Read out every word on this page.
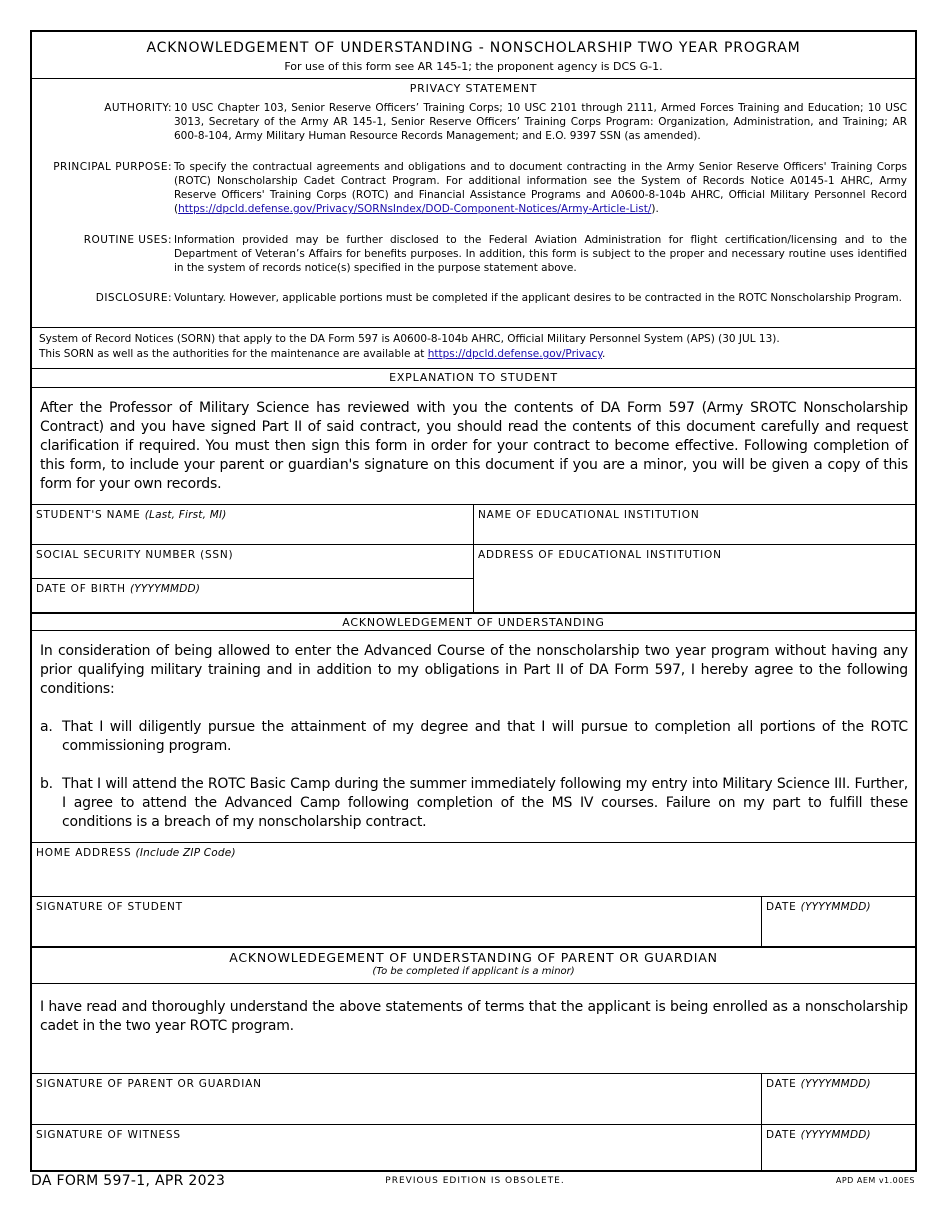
ACKNOWLEDGEMENT OF UNDERSTANDING - NONSCHOLARSHIP TWO YEAR PROGRAM
For use of this form see AR 145-1; the proponent agency is DCS G-1.
PRIVACY STATEMENT
AUTHORITY: 10 USC Chapter 103, Senior Reserve Officers’ Training Corps; 10 USC 2101 through 2111, Armed Forces Training and Education; 10 USC 3013, Secretary of the Army AR 145-1, Senior Reserve Officers’ Training Corps Program: Organization, Administration, and Training; AR 600-8-104, Army Military Human Resource Records Management; and E.O. 9397 SSN (as amended).
PRINCIPAL PURPOSE: To specify the contractual agreements and obligations and to document contracting in the Army Senior Reserve Officers' Training Corps (ROTC) Nonscholarship Cadet Contract Program. For additional information see the System of Records Notice A0145-1 AHRC, Army Reserve Officers' Training Corps (ROTC) and Financial Assistance Programs and A0600-8-104b AHRC, Official Military Personnel Record (https://dpcld.defense.gov/Privacy/SORNsIndex/DOD-Component-Notices/Army-Article-List/).
ROUTINE USES: Information provided may be further disclosed to the Federal Aviation Administration for flight certification/licensing and to the Department of Veteran’s Affairs for benefits purposes. In addition, this form is subject to the proper and necessary routine uses identified in the system of records notice(s) specified in the purpose statement above.
DISCLOSURE: Voluntary. However, applicable portions must be completed if the applicant desires to be contracted in the ROTC Nonscholarship Program.
System of Record Notices (SORN) that apply to the DA Form 597 is A0600-8-104b AHRC, Official Military Personnel System (APS) (30 JUL 13).
This SORN as well as the authorities for the maintenance are available at https://dpcld.defense.gov/Privacy.
EXPLANATION TO STUDENT
After the Professor of Military Science has reviewed with you the contents of DA Form 597 (Army SROTC Nonscholarship Contract) and you have signed Part II of said contract, you should read the contents of this document carefully and request clarification if required. You must then sign this form in order for your contract to become effective. Following completion of this form, to include your parent or guardian's signature on this document if you are a minor, you will be given a copy of this form for your own records.
STUDENT'S NAME (Last, First, MI)	NAME OF EDUCATIONAL INSTITUTION
SOCIAL SECURITY NUMBER (SSN)	ADDRESS OF EDUCATIONAL INSTITUTION
DATE OF BIRTH (YYYYMMDD)
ACKNOWLEDGEMENT OF UNDERSTANDING
In consideration of being allowed to enter the Advanced Course of the nonscholarship two year program without having any prior qualifying military training and in addition to my obligations in Part II of DA Form 597, I hereby agree to the following conditions:
a. That I will diligently pursue the attainment of my degree and that I will pursue to completion all portions of the ROTC commissioning program.
b. That I will attend the ROTC Basic Camp during the summer immediately following my entry into Military Science III. Further, I agree to attend the Advanced Camp following completion of the MS IV courses. Failure on my part to fulfill these conditions is a breach of my nonscholarship contract.
HOME ADDRESS (Include ZIP Code)
SIGNATURE OF STUDENT	DATE (YYYYMMDD)
ACKNOWLEDEGEMENT OF UNDERSTANDING OF PARENT OR GUARDIAN
(To be completed if applicant is a minor)
I have read and thoroughly understand the above statements of terms that the applicant is being enrolled as a nonscholarship cadet in the two year ROTC program.
SIGNATURE OF PARENT OR GUARDIAN	DATE (YYYYMMDD)
SIGNATURE OF WITNESS	DATE (YYYYMMDD)
DA FORM 597-1, APR 2023	PREVIOUS EDITION IS OBSOLETE.	APD AEM v1.00ES
